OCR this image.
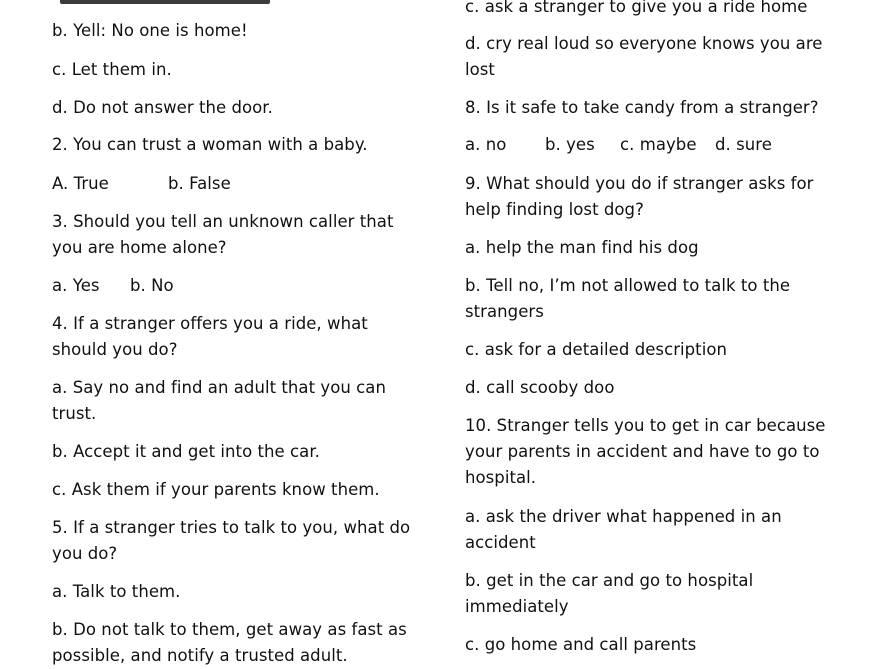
b. Yell: No one is home!

c. Let them in.

d. Do not answer the door.

2. You can trust a woman with a baby.

A. True	b. False

3. Should you tell an unknown caller that

you are home alone?

a. Yes b. No

4. If a stranger offers you a ride, what

should you do?

a. Say no and find an adult that you can

trust.

b. Accept it and get into the car.

c. Ask them if your parents know them.

5. If a stranger tries to talk to you, what do

you do?

a. Talk to them.

b. Do not talk to them, get away as fast as

possible, and notify a trusted adult.

c. ask a stranger to give you a ride home

d. cry real loud so everyone knows you are

lost

8. Is it safe to take candy from a stranger?

a. no b. yes c. maybe d. sure

9. What should you do if stranger asks for

help finding lost dog?

a. help the man find his dog

b. Tell no, I’m not allowed to talk to the

strangers

c. ask for a detailed description

d. call scooby doo

10. Stranger tells you to get in car because

your parents in accident and have to go to

hospital.

a. ask the driver what happened in an

accident

b. get in the car and go to hospital

immediately

c. go home and call parents
